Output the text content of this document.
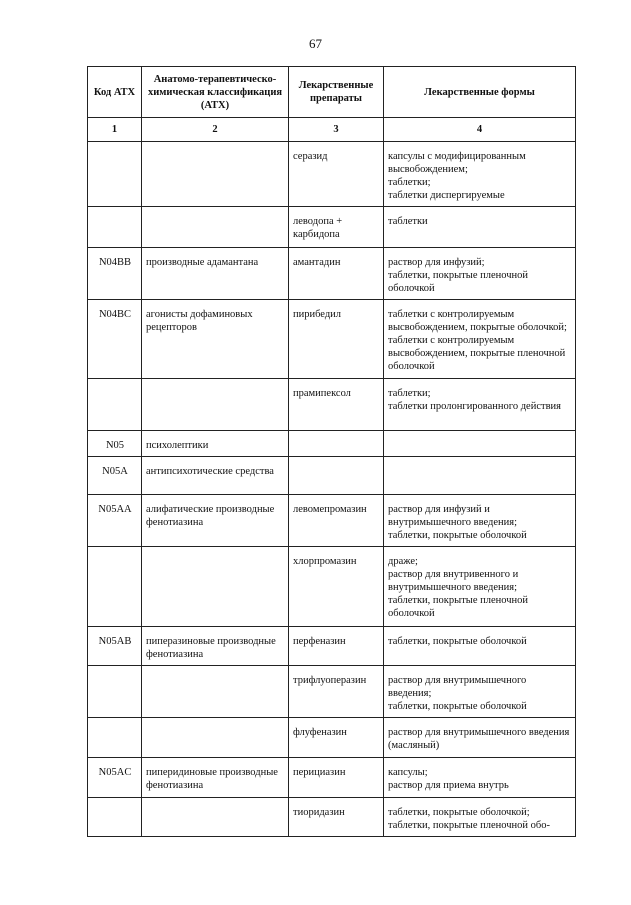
67
Код АТХ	Анатомо-терапевтическо-химическая классификация (АТХ)	Лекарственные препараты	Лекарственные формы
1	2	3	4
		серазид	капсулы с модифицированным высвобождением;
таблетки;
таблетки диспергируемые

		леводопа + карбидопа	таблетки

N04BB	производные адамантана	амантадин	раствор для инфузий;
таблетки, покрытые пленочной оболочкой

N04BC	агонисты дофаминовых рецепторов	пирибедил	таблетки с контролируемым высвобождением, покрытые оболочкой;
таблетки с контролируемым высвобождением, покрытые пленочной оболочкой

		прамипексол	таблетки;
таблетки пролонгированного действия

N05	психолептики		
N05A	антипсихотические средства		
N05AA	алифатические производные фенотиазина	левомепромазин	раствор для инфузий и внутримышечного введения;
таблетки, покрытые оболочкой

		хлорпромазин	драже;
раствор для внутривенного и внутримышечного введения;
таблетки, покрытые пленочной оболочкой

N05AB	пиперазиновые производные фенотиазина	перфеназин	таблетки, покрытые оболочкой

		трифлуоперазин	раствор для внутримышечного введения;
таблетки, покрытые оболочкой

		флуфеназин	раствор для внутримышечного введения (масляный)

N05AC	пиперидиновые производные фенотиазина	перициазин	капсулы;
раствор для приема внутрь

		тиоридазин	таблетки, покрытые оболочкой;
таблетки, покрытые пленочной обо-
